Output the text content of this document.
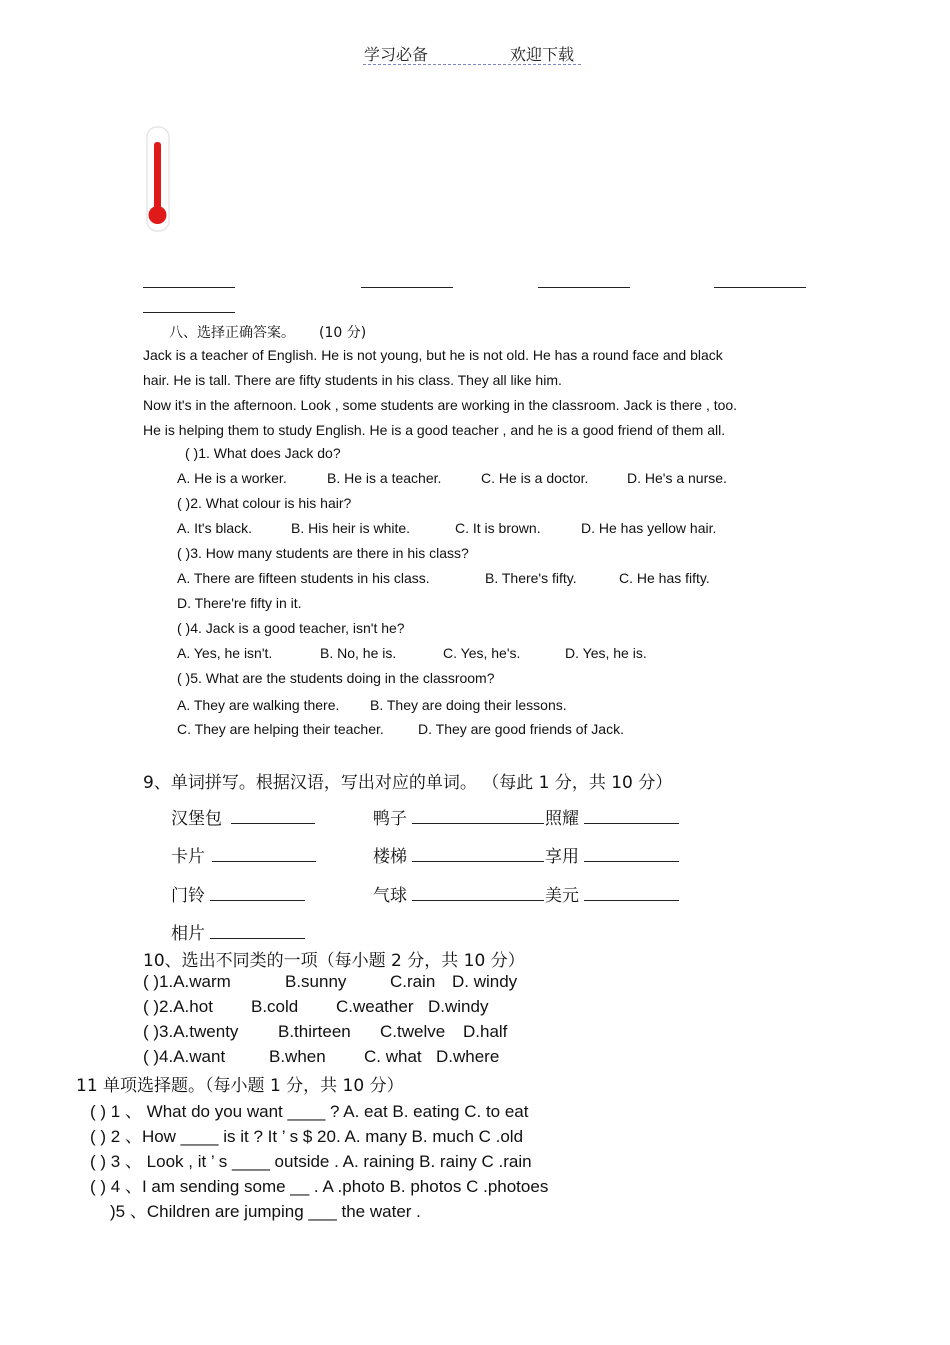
学习必备	欢迎下载
八、选择正确答案。 (10 分)
Jack is a teacher of English. He is not young, but he is not old. He has a round face and black
hair. He is tall. There are fifty students in his class. They all like him.
Now it's in the afternoon. Look , some students are working in the classroom. Jack is there , too.
He is helping them to study English. He is a good teacher , and he is a good friend of them all.
( )1. What does Jack do?
A. He is a worker.	B. He is a teacher.	C. He is a doctor.	D. He's a nurse.
( )2. What colour is his hair?
A. It's black.	B. His heir is white.	C. It is brown.	D. He has yellow hair.
( )3. How many students are there in his class?
A. There are fifteen students in his class.	B. There's fifty.	C. He has fifty.
D. There're fifty in it.
( )4. Jack is a good teacher, isn't he?
A. Yes, he isn't.	B. No, he is.	C. Yes, he's.	D. Yes, he is.
( )5. What are the students doing in the classroom?
A. They are walking there. B. They are doing their lessons.
C. They are helping their teacher. D. They are good friends of Jack.
9、单词拼写。根据汉语，写出对应的单词。 （每此 1 分，共 10 分）
汉堡包	鸭子	照耀
卡片	楼梯	享用
门铃	气球	美元
相片
10、选出不同类的一项（每小题 2 分，共 10 分）
( )1.A.warm	B.sunny	C.rain D. windy
( )2.A.hot B.cold C.weather D.windy
( )3.A.twenty B.thirteen C.twelve D.half
( )4.A.want	B.when C. what D.where
11 单项选择题。（每小题 1 分，共 10 分）
( ) 1 、 What do you want ____ ? A. eat B. eating C. to eat
( ) 2 、How ____ is it ? It ’ s $ 20. A. many B. much C .old
( ) 3 、 Look , it ’ s ____ outside . A. raining B. rainy C .rain
( ) 4 、I am sending some __ . A .photo B. photos C .photoes
)5 、Children are jumping ___ the water .
